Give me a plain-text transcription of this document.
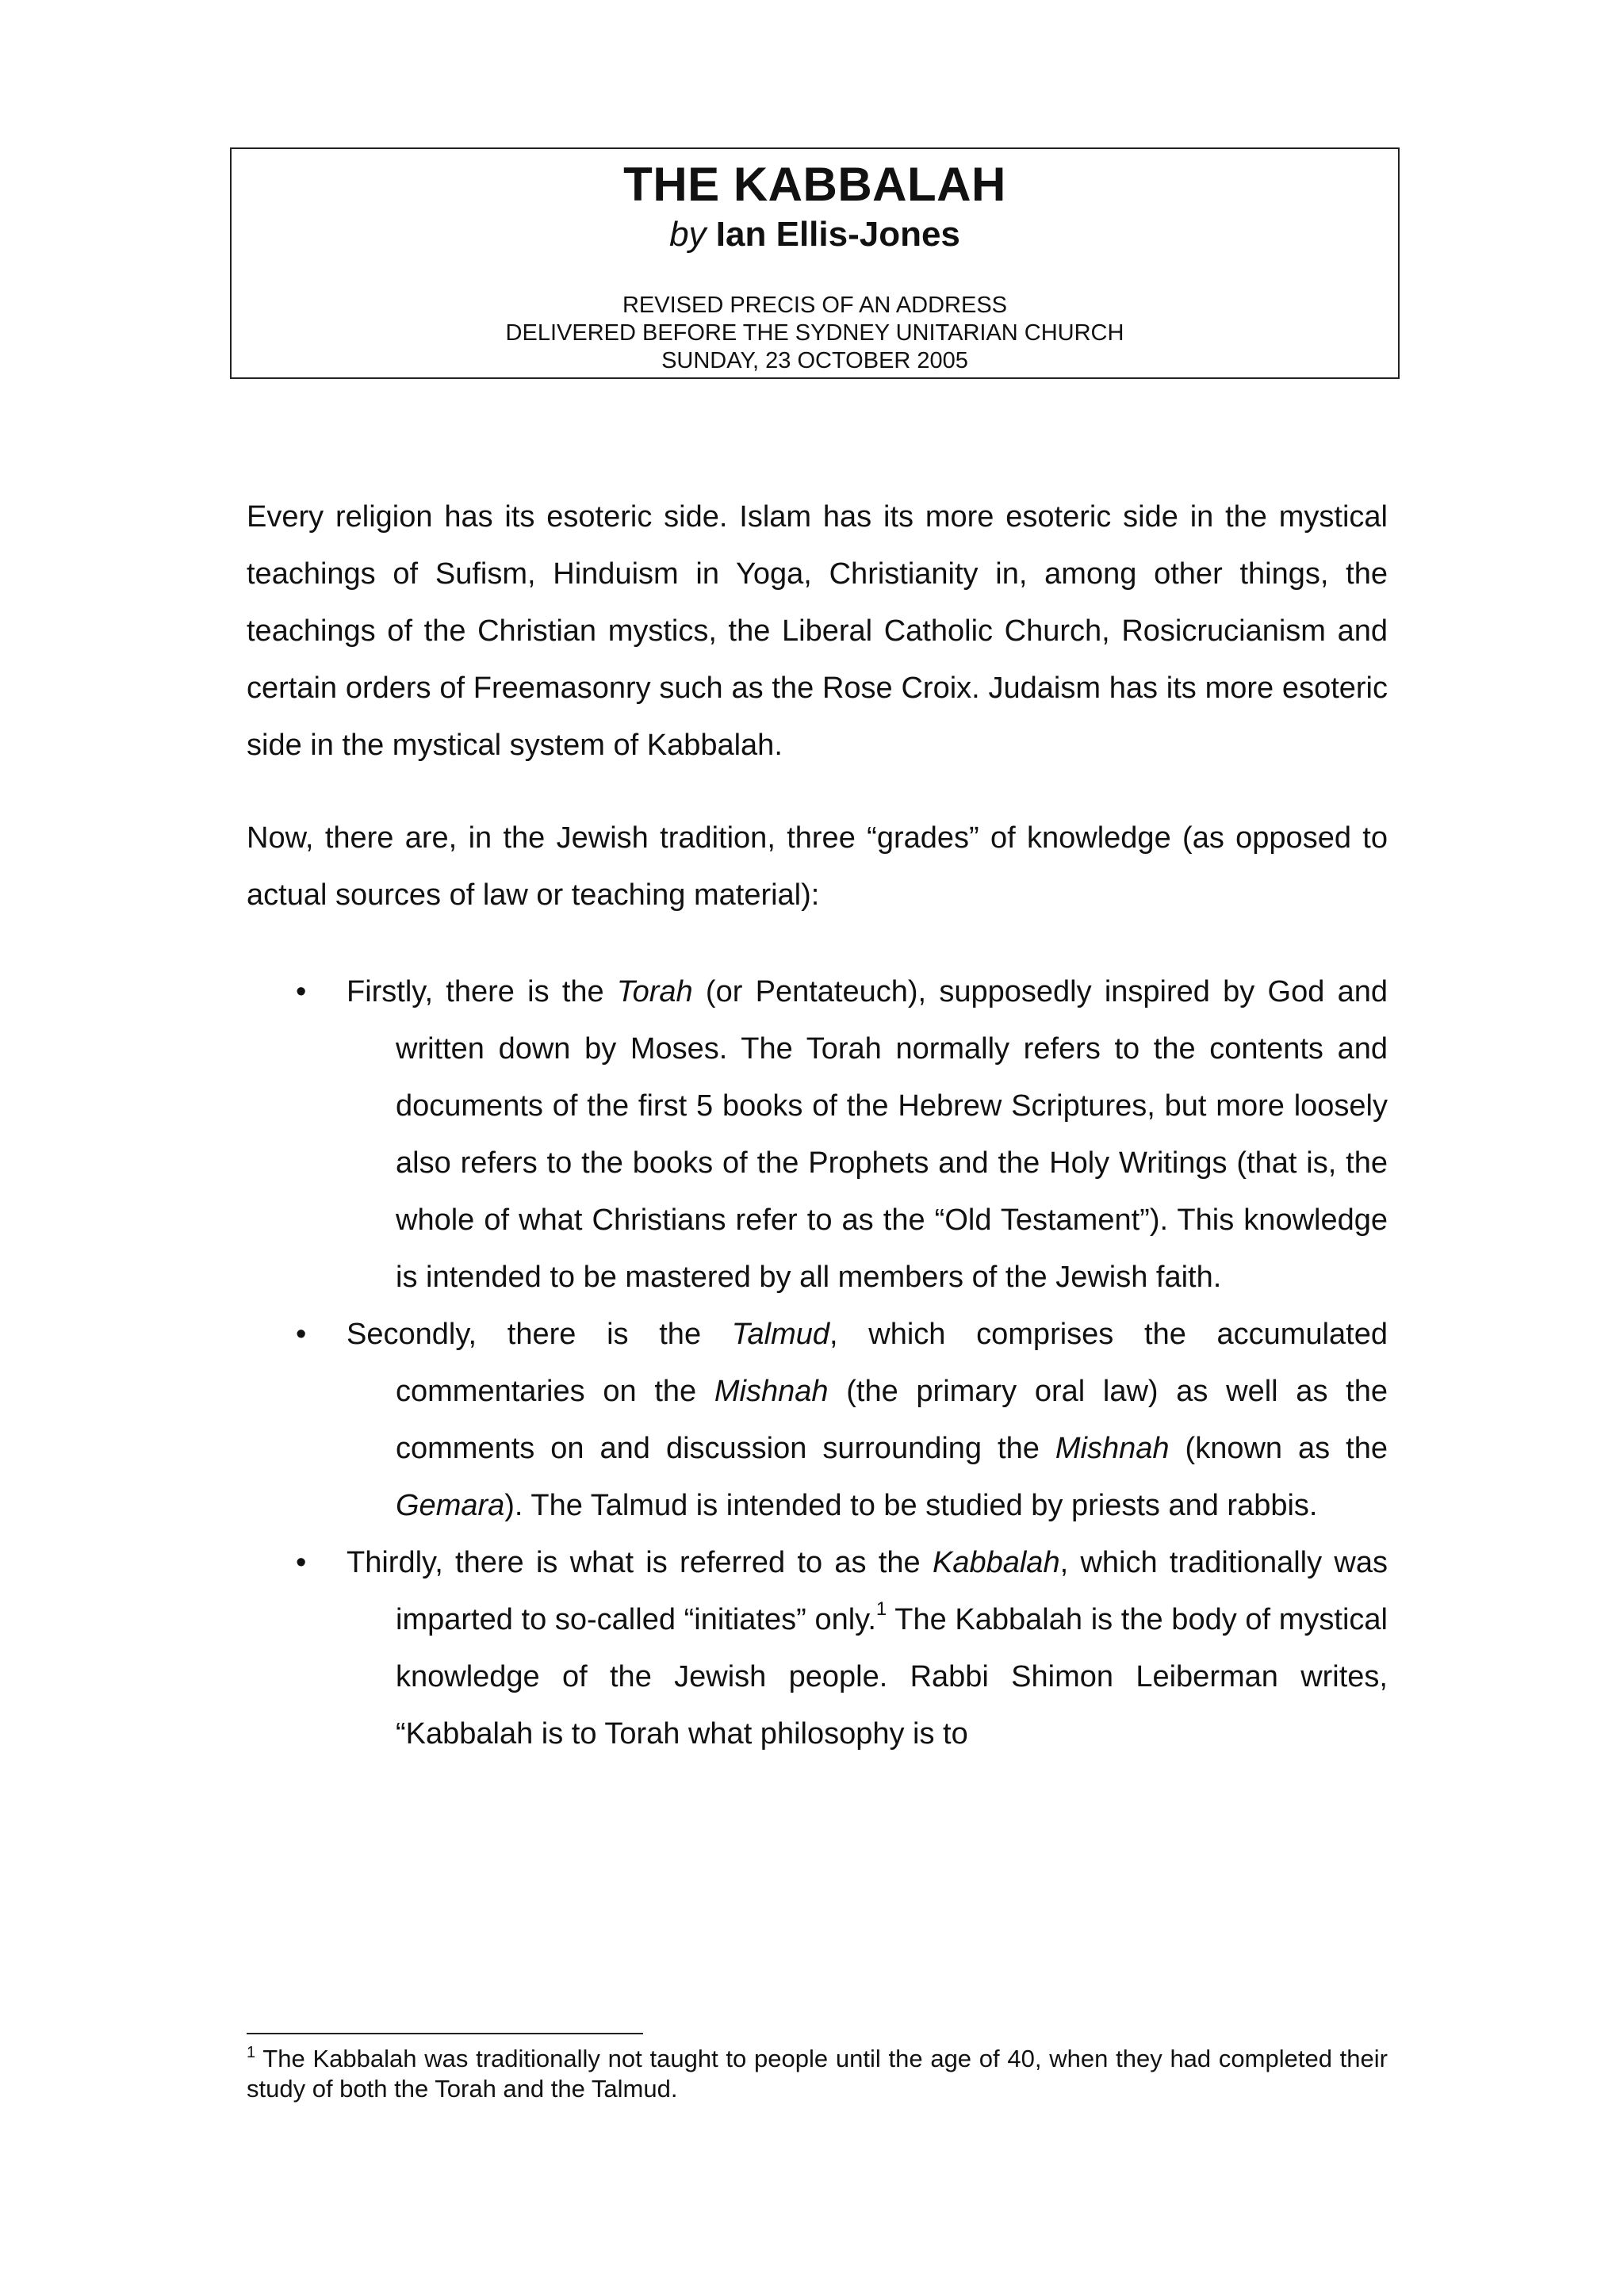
THE KABBALAH
by Ian Ellis-Jones
REVISED PRECIS OF AN ADDRESS
DELIVERED BEFORE THE SYDNEY UNITARIAN CHURCH
SUNDAY, 23 OCTOBER 2005

Every religion has its esoteric side. Islam has its more esoteric side in the mystical teachings of Sufism, Hinduism in Yoga, Christianity in, among other things, the teachings of the Christian mystics, the Liberal Catholic Church, Rosicrucianism and certain orders of Freemasonry such as the Rose Croix. Judaism has its more esoteric side in the mystical system of Kabbalah.

Now, there are, in the Jewish tradition, three “grades” of knowledge (as opposed to actual sources of law or teaching material):

•	Firstly, there is the Torah (or Pentateuch), supposedly inspired by God and written down by Moses. The Torah normally refers to the contents and documents of the first 5 books of the Hebrew Scriptures, but more loosely also refers to the books of the Prophets and the Holy Writings (that is, the whole of what Christians refer to as the “Old Testament”). This knowledge is intended to be mastered by all members of the Jewish faith.
•	Secondly, there is the Talmud, which comprises the accumulated commentaries on the Mishnah (the primary oral law) as well as the comments on and discussion surrounding the Mishnah (known as the Gemara). The Talmud is intended to be studied by priests and rabbis.
•	Thirdly, there is what is referred to as the Kabbalah, which traditionally was imparted to so-called “initiates” only.$^1$ The Kabbalah is the body of mystical knowledge of the Jewish people. Rabbi Shimon Leiberman writes, “Kabbalah is to Torah what philosophy is to

$^1$ The Kabbalah was traditionally not taught to people until the age of 40, when they had completed their study of both the Torah and the Talmud.
